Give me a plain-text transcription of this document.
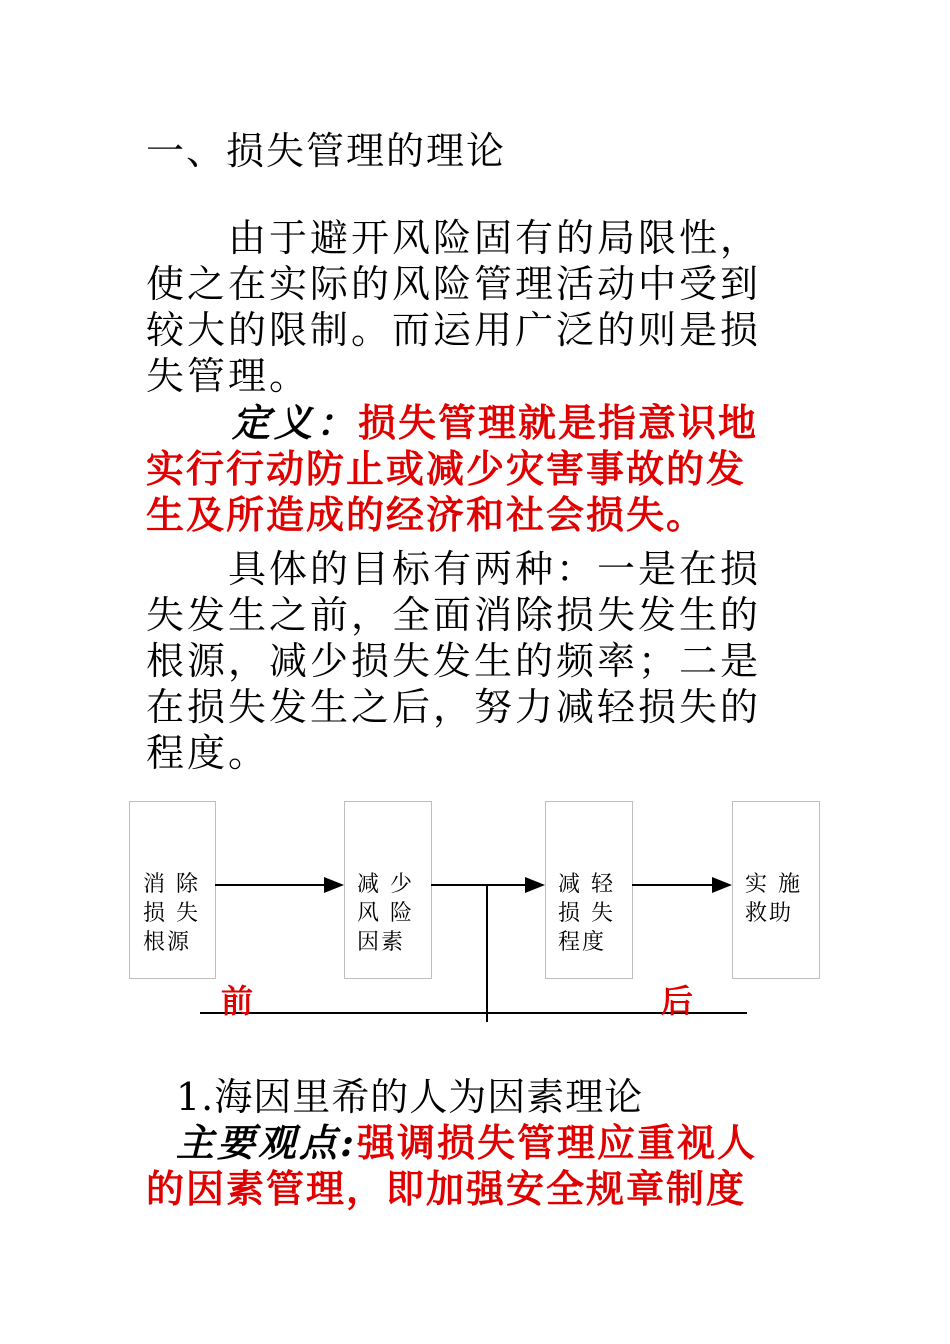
一、损失管理的理论

　　由于避开风险固有的局限性，

使之在实际的风险管理活动中受到

较大的限制。而运用广泛的则是损

失管理。

定义：损失管理就是指意识地

实行行动防止或减少灾害事故的发

生及所造成的经济和社会损失。

　　具体的目标有两种：一是在损

失发生之前，全面消除损失发生的

根源，减少损失发生的频率；二是

在损失发生之后，努力减轻损失的

程度。

消 除
损 失
根源

减 少
风 险
因素

减 轻
损 失
程度

实 施
救助

前	后

1.海因里希的人为因素理论

主要观点:强调损失管理应重视人

的因素管理，即加强安全规章制度
